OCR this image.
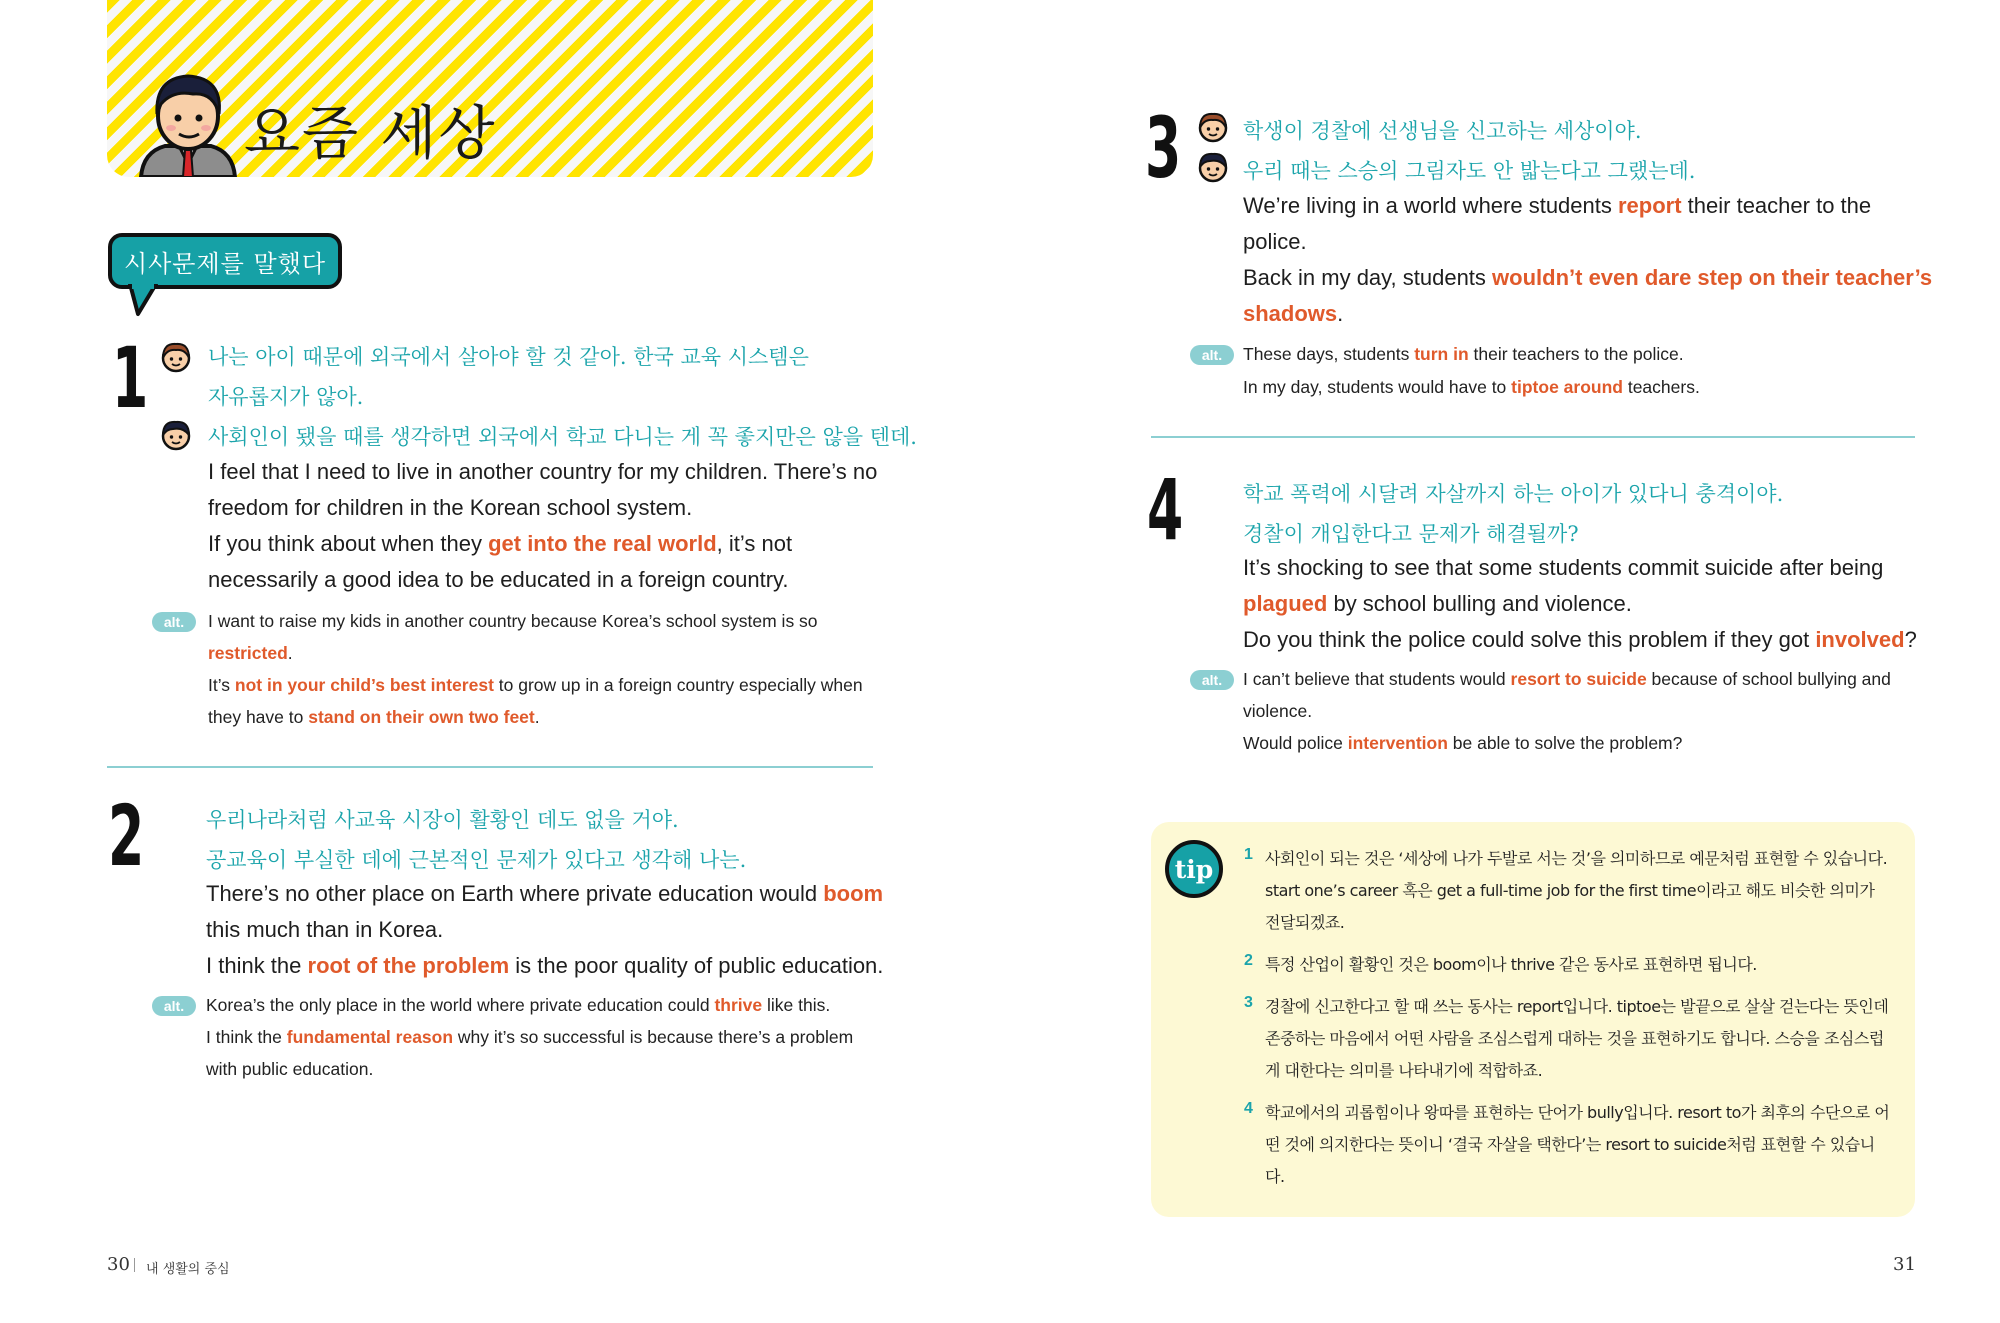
요즘 세상
시사문제를 말했다
1	나는 아이 때문에 외국에서 살아야 할 것 같아. 한국 교육 시스템은
자유롭지가 않아.
사회인이 됐을 때를 생각하면 외국에서 학교 다니는 게 꼭 좋지만은 않을 텐데.
I feel that I need to live in another country for my children. There’s no
freedom for children in the Korean school system.
If you think about when they get into the real world, it’s not
necessarily a good idea to be educated in a foreign country.
alt.	I want to raise my kids in another country because Korea’s school system is so
restricted.
It’s not in your child’s best interest to grow up in a foreign country especially when
they have to stand on their own two feet.
2	우리나라처럼 사교육 시장이 활황인 데도 없을 거야.
공교육이 부실한 데에 근본적인 문제가 있다고 생각해 나는.
There’s no other place on Earth where private education would boom
this much than in Korea.
I think the root of the problem is the poor quality of public education.
alt.	Korea’s the only place in the world where private education could thrive like this.
I think the fundamental reason why it’s so successful is because there’s a problem
with public education.
3	학생이 경찰에 선생님을 신고하는 세상이야.
우리 때는 스승의 그림자도 안 밟는다고 그랬는데.
We’re living in a world where students report their teacher to the
police.
Back in my day, students wouldn’t even dare step on their teacher’s
shadows.
alt.	These days, students turn in their teachers to the police.
In my day, students would have to tiptoe around teachers.
4	학교 폭력에 시달려 자살까지 하는 아이가 있다니 충격이야.
경찰이 개입한다고 문제가 해결될까?
It’s shocking to see that some students commit suicide after being
plagued by school bulling and violence.
Do you think the police could solve this problem if they got involved?
alt.	I can’t believe that students would resort to suicide because of school bullying and
violence.
Would police intervention be able to solve the problem?
tip	1 사회인이 되는 것은 ‘세상에 나가 두발로 서는 것’을 의미하므로 예문처럼 표현할 수 있습니다.
start one’s career 혹은 get a full-time job for the first time이라고 해도 비슷한 의미가
전달되겠죠.
2 특정 산업이 활황인 것은 boom이나 thrive 같은 동사로 표현하면 됩니다.
3 경찰에 신고한다고 할 때 쓰는 동사는 report입니다. tiptoe는 발끝으로 살살 걷는다는 뜻인데
존중하는 마음에서 어떤 사람을 조심스럽게 대하는 것을 표현하기도 합니다. 스승을 조심스럽
게 대한다는 의미를 나타내기에 적합하죠.
4 학교에서의 괴롭힘이나 왕따를 표현하는 단어가 bully입니다. resort to가 최후의 수단으로 어
떤 것에 의지한다는 뜻이니 ‘결국 자살을 택한다’는 resort to suicide처럼 표현할 수 있습니
다.
30 내 생활의 중심	31
